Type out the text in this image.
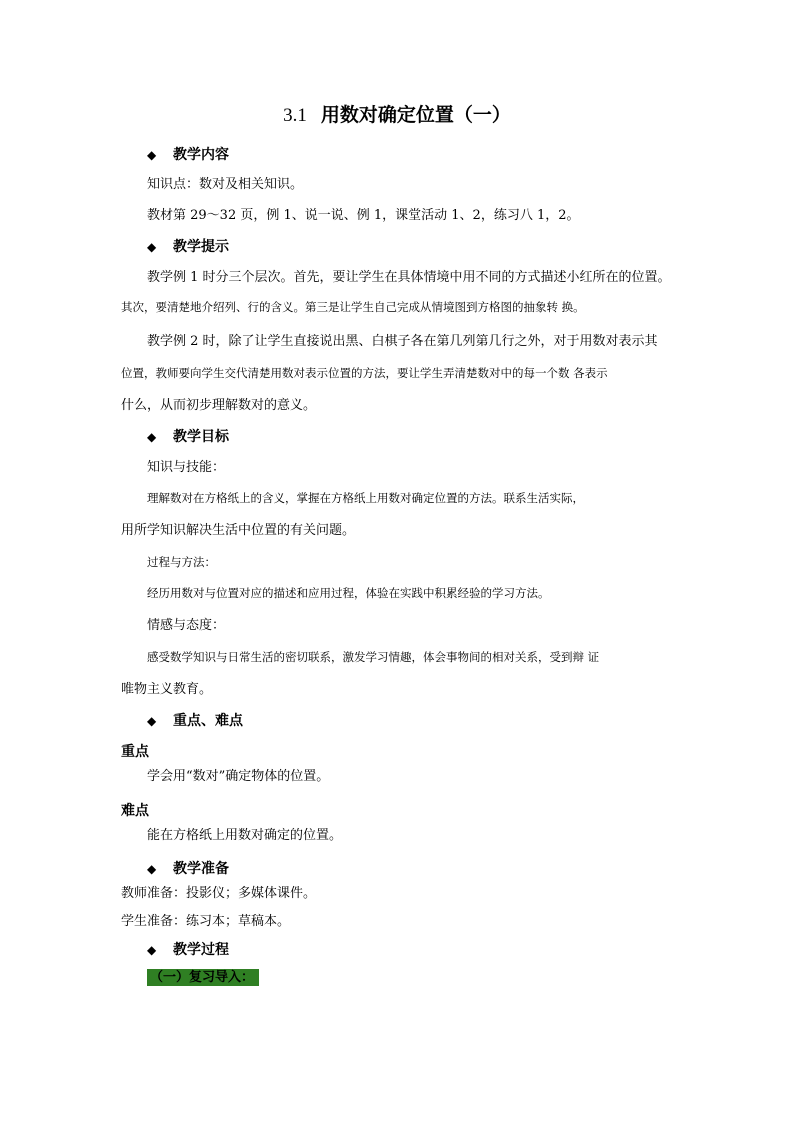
3.1 用数对确定位置（一）
◆ 教学内容
知识点：数对及相关知识。
教材第 29～32 页，例 1、说一说、例 1，课堂活动 1、2，练习八 1，2。
◆ 教学提示
教学例 1 时分三个层次。首先，要让学生在具体情境中用不同的方式描述小红所在的位置。
其次，要清楚地介绍列、行的含义。第三是让学生自己完成从情境图到方格图的抽象转 换。
教学例 2 时，除了让学生直接说出黑、白棋子各在第几列第几行之外，对于用数对表示其
位置，教师要向学生交代清楚用数对表示位置的方法，要让学生弄清楚数对中的每一个数 各表示
什么，从而初步理解数对的意义。
◆ 教学目标
知识与技能：
理解数对在方格纸上的含义，掌握在方格纸上用数对确定位置的方法。联系生活实际，
用所学知识解决生活中位置的有关问题。
过程与方法：
经历用数对与位置对应的描述和应用过程，体验在实践中积累经验的学习方法。
情感与态度：
感受数学知识与日常生活的密切联系，激发学习情趣，体会事物间的相对关系，受到辩 证
唯物主义教育。
◆ 重点、难点
重点
学会用“数对”确定物体的位置。
难点
能在方格纸上用数对确定的位置。
◆ 教学准备
教师准备：投影仪；多媒体课件。
学生准备：练习本；草稿本。
◆ 教学过程
（一）复习导入：
